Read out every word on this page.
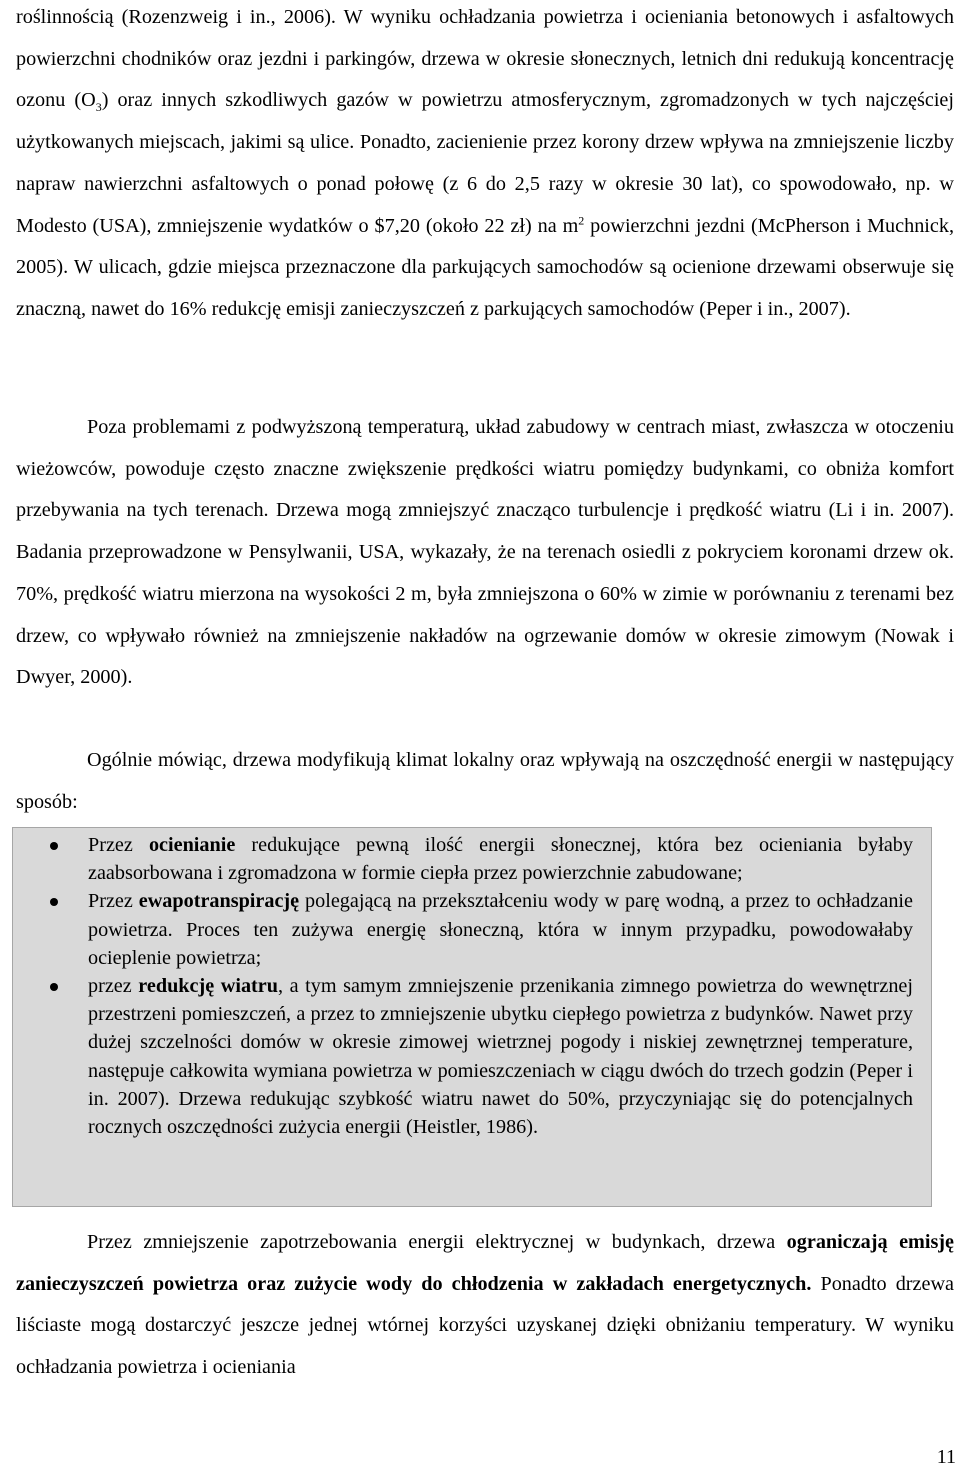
roślinnością (Rozenzweig i in., 2006). W wyniku ochładzania powietrza i ocieniania betonowych i asfaltowych powierzchni chodników oraz jezdni i parkingów, drzewa w okresie słonecznych, letnich dni redukują koncentrację ozonu $(O_3)$ oraz innych szkodliwych gazów w powietrzu atmosferycznym, zgromadzonych w tych najczęściej użytkowanych miejscach, jakimi są ulice. Ponadto, zacienienie przez korony drzew wpływa na zmniejszenie liczby napraw nawierzchni asfaltowych o ponad połowę (z 6 do 2,5 razy w okresie 30 lat), co spowodowało, np. w Modesto (USA), zmniejszenie wydatków o $7,20 (około 22 zł) na $m^2$ powierzchni jezdni (McPherson i Muchnick, 2005). W ulicach, gdzie miejsca przeznaczone dla parkujących samochodów są ocienione drzewami obserwuje się znaczną, nawet do 16% redukcję emisji zanieczyszczeń z parkujących samochodów (Peper i in., 2007).

Poza problemami z podwyższoną temperaturą, układ zabudowy w centrach miast, zwłaszcza w otoczeniu wieżowców, powoduje często znaczne zwiększenie prędkości wiatru pomiędzy budynkami, co obniża komfort przebywania na tych terenach. Drzewa mogą zmniejszyć znacząco turbulencje i prędkość wiatru (Li i in. 2007). Badania przeprowadzone w Pensylwanii, USA, wykazały, że na terenach osiedli z pokryciem koronami drzew ok. 70%, prędkość wiatru mierzona na wysokości 2 m, była zmniejszona o 60% w zimie w porównaniu z terenami bez drzew, co wpływało również na zmniejszenie nakładów na ogrzewanie domów w okresie zimowym (Nowak i Dwyer, 2000).

Ogólnie mówiąc, drzewa modyfikują klimat lokalny oraz wpływają na oszczędność energii w następujący sposób:

Przez ocienianie redukujące pewną ilość energii słonecznej, która bez ocieniania byłaby zaabsorbowana i zgromadzona w formie ciepła przez powierzchnie zabudowane;
Przez ewapotranspirację polegającą na przekształceniu wody w parę wodną, a przez to ochładzanie powietrza. Proces ten zużywa energię słoneczną, która w innym przypadku, powodowałaby ocieplenie powietrza;
przez redukcję wiatru, a tym samym zmniejszenie przenikania zimnego powietrza do wewnętrznej przestrzeni pomieszczeń, a przez to zmniejszenie ubytku ciepłego powietrza z budynków. Nawet przy dużej szczelności domów w okresie zimowej wietrznej pogody i niskiej zewnętrznej temperature, następuje całkowita wymiana powietrza w pomieszczeniach w ciągu dwóch do trzech godzin (Peper i in. 2007). Drzewa redukując szybkość wiatru nawet do 50%, przyczyniając się do potencjalnych rocznych oszczędności zużycia energii (Heistler, 1986).

Przez zmniejszenie zapotrzebowania energii elektrycznej w budynkach, drzewa ograniczają emisję zanieczyszczeń powietrza oraz zużycie wody do chłodzenia w zakładach energetycznych. Ponadto drzewa liściaste mogą dostarczyć jeszcze jednej wtórnej korzyści uzyskanej dzięki obniżaniu temperatury. W wyniku ochładzania powietrza i ocieniania

11
